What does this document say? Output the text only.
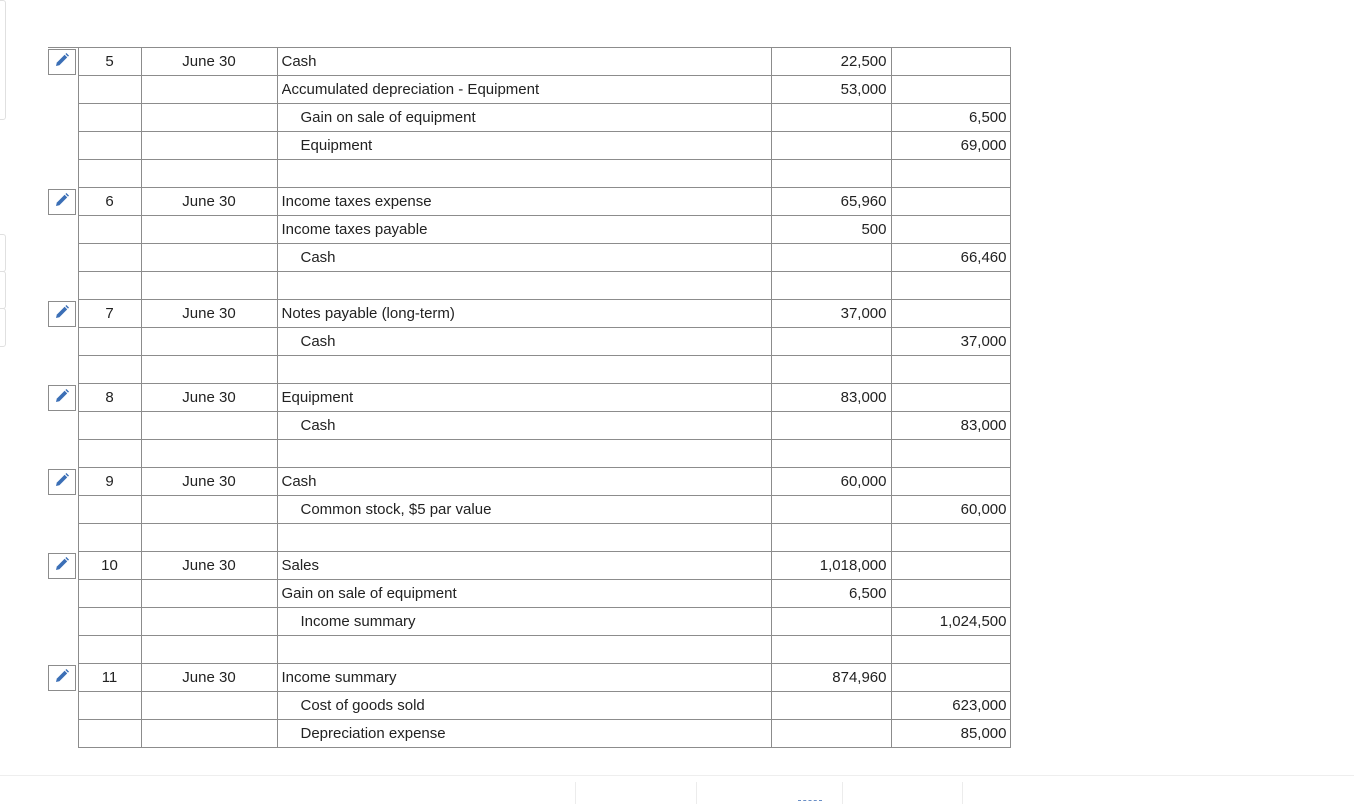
	5	June 30	Cash	22,500	
			Accumulated depreciation - Equipment	53,000	
			Gain on sale of equipment		6,500
			Equipment		69,000

	6	June 30	Income taxes expense	65,960	
			Income taxes payable	500	
			Cash		66,460

	7	June 30	Notes payable (long-term)	37,000	
			Cash		37,000

	8	June 30	Equipment	83,000	
			Cash		83,000

	9	June 30	Cash	60,000	
			Common stock, $5 par value		60,000

	10	June 30	Sales	1,018,000	
			Gain on sale of equipment	6,500	
			Income summary		1,024,500

	11	June 30	Income summary	874,960	
			Cost of goods sold		623,000
			Depreciation expense		85,000
